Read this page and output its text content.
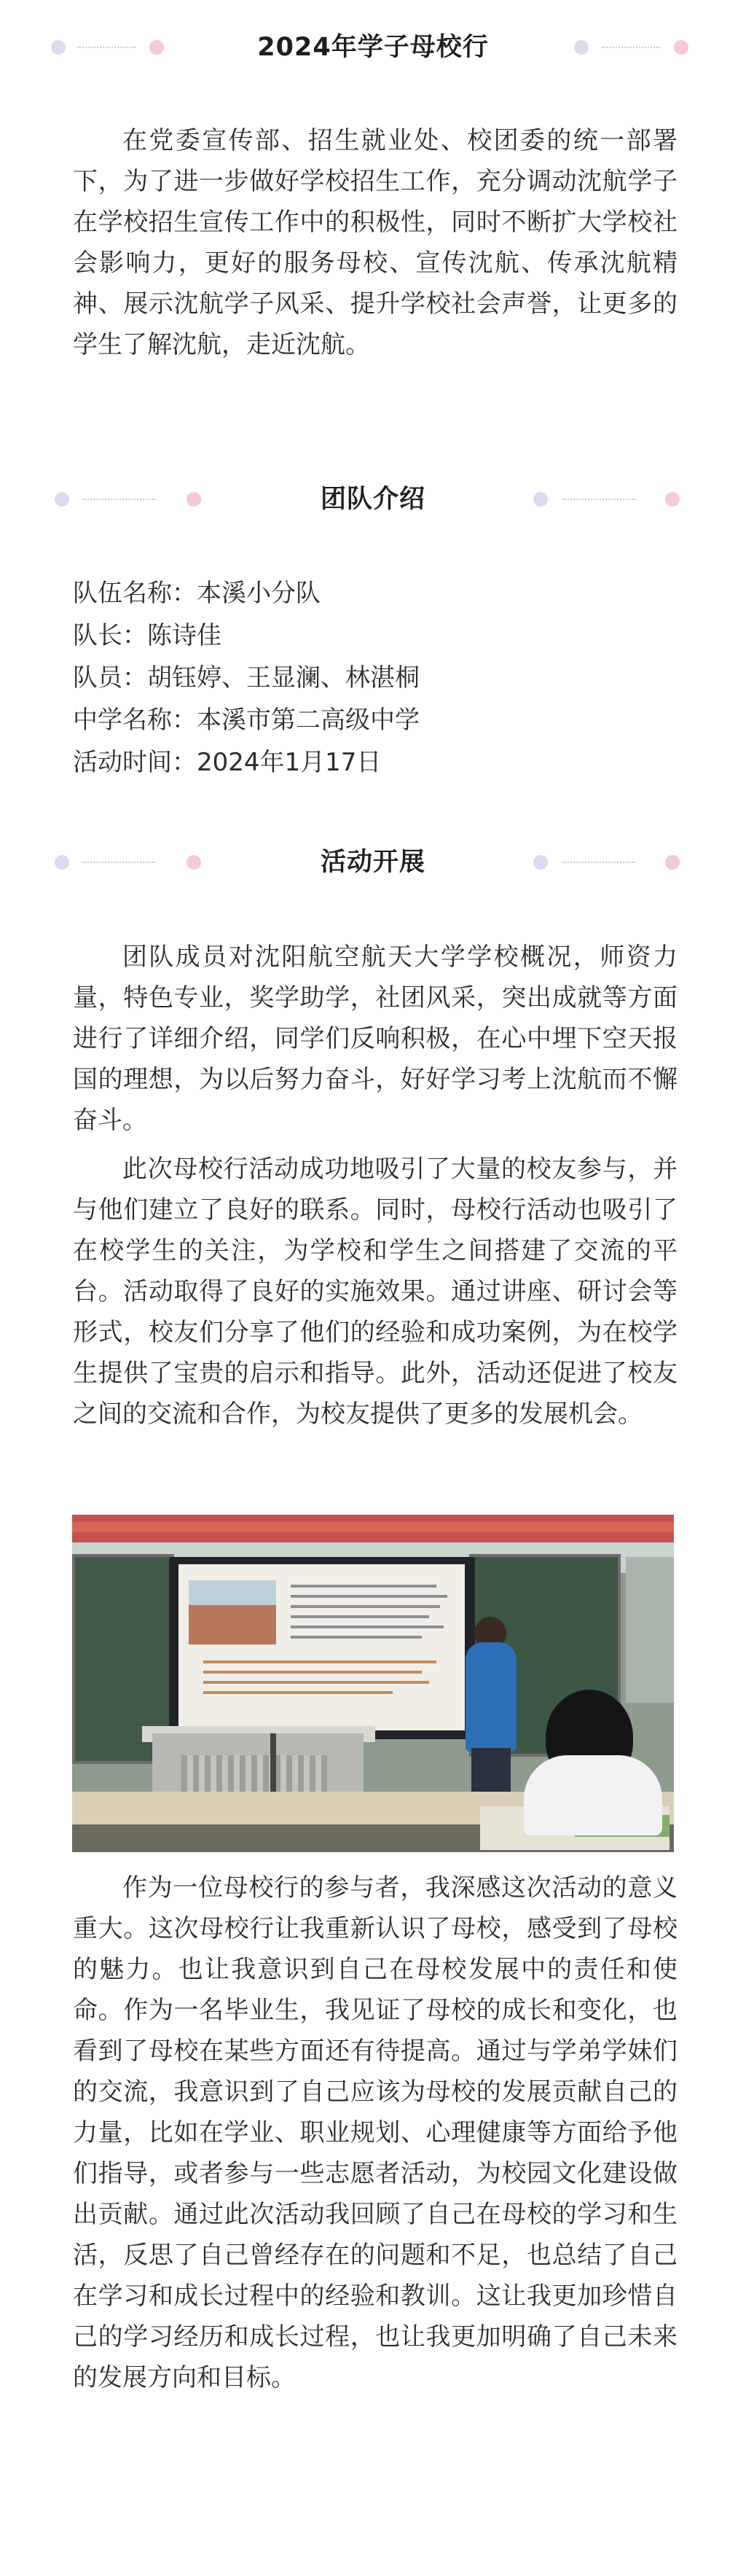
2024年学子母校行

在党委宣传部、招生就业处、校团委的统一部署下，为了进一步做好学校招生工作，充分调动沈航学子在学校招生宣传工作中的积极性，同时不断扩大学校社会影响力，更好的服务母校、宣传沈航、传承沈航精神、展示沈航学子风采、提升学校社会声誉，让更多的学生了解沈航，走近沈航。

团队介绍
队伍名称：本溪小分队
队长：陈诗佳
队员：胡钰婷、王显澜、林湛桐
中学名称：本溪市第二高级中学
活动时间：2024年1月17日
活动开展

团队成员对沈阳航空航天大学学校概况，师资力量，特色专业，奖学助学，社团风采，突出成就等方面进行了详细介绍，同学们反响积极，在心中埋下空天报国的理想，为以后努力奋斗，好好学习考上沈航而不懈奋斗。

此次母校行活动成功地吸引了大量的校友参与，并与他们建立了良好的联系。同时，母校行活动也吸引了在校学生的关注，为学校和学生之间搭建了交流的平台。活动取得了良好的实施效果。通过讲座、研讨会等形式，校友们分享了他们的经验和成功案例，为在校学生提供了宝贵的启示和指导。此外，活动还促进了校友之间的交流和合作，为校友提供了更多的发展机会。

作为一位母校行的参与者，我深感这次活动的意义重大。这次母校行让我重新认识了母校，感受到了母校的魅力。也让我意识到自己在母校发展中的责任和使命。作为一名毕业生，我见证了母校的成长和变化，也看到了母校在某些方面还有待提高。通过与学弟学妹们的交流，我意识到了自己应该为母校的发展贡献自己的力量，比如在学业、职业规划、心理健康等方面给予他们指导，或者参与一些志愿者活动，为校园文化建设做出贡献。通过此次活动我回顾了自己在母校的学习和生活，反思了自己曾经存在的问题和不足，也总结了自己在学习和成长过程中的经验和教训。这让我更加珍惜自己的学习经历和成长过程，也让我更加明确了自己未来的发展方向和目标。
